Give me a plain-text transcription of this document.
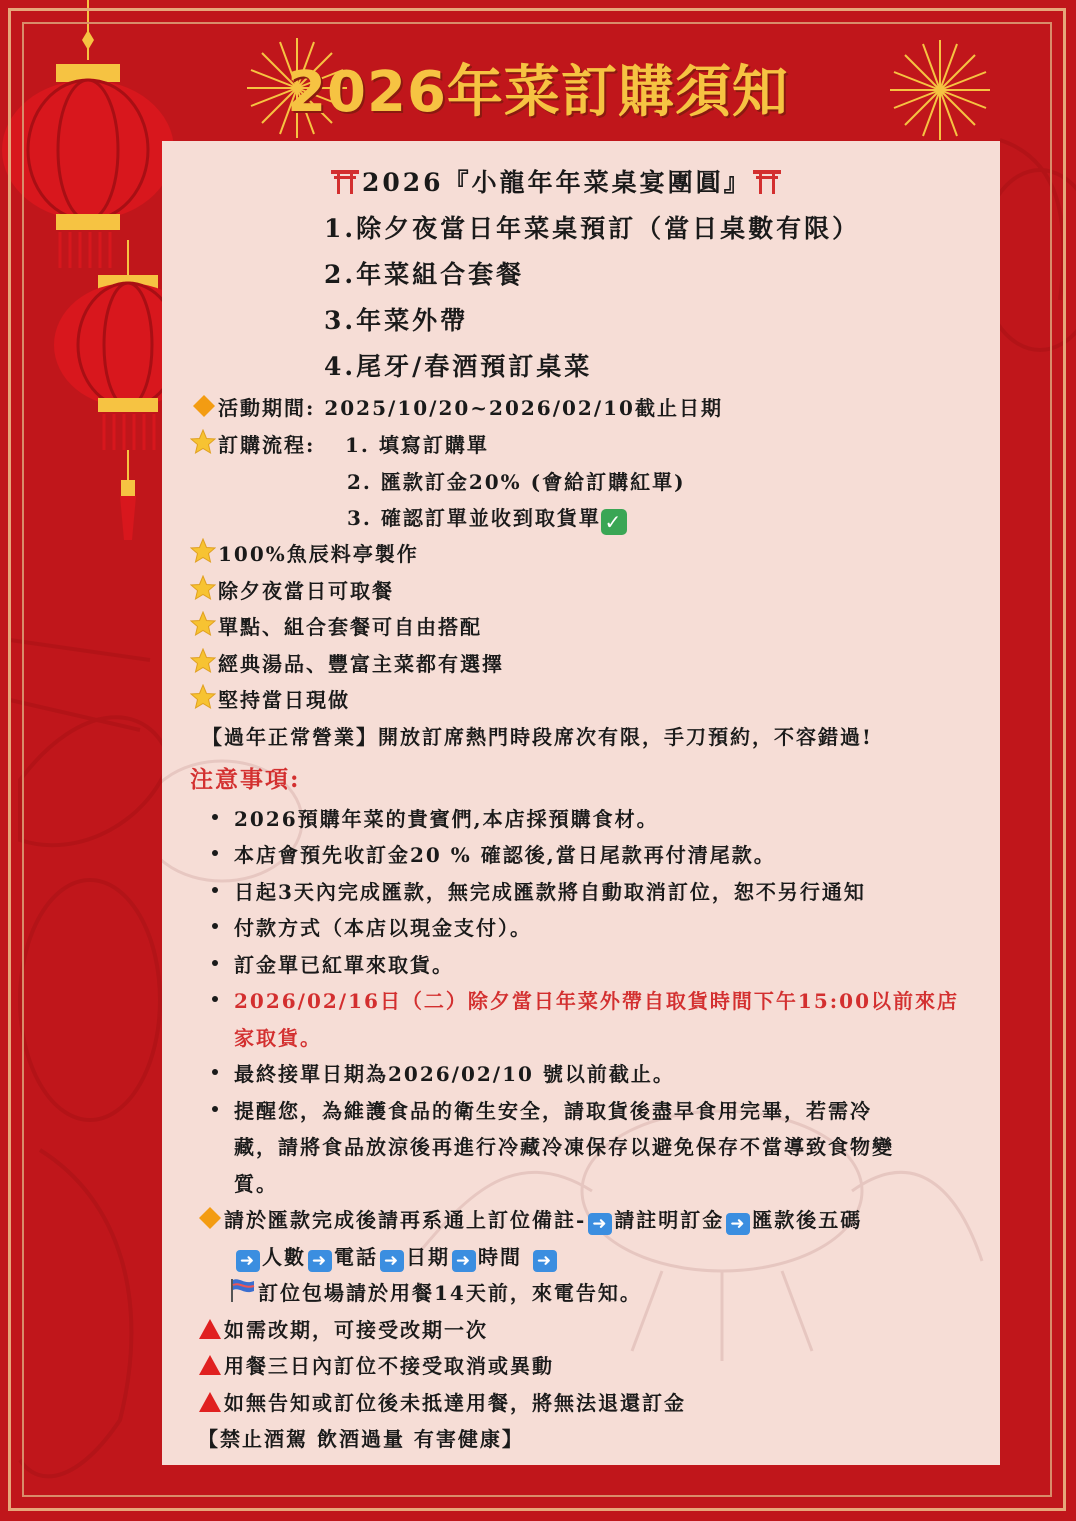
2026年菜訂購須知
2026『小龍年年菜桌宴團圓』
1.除夕夜當日年菜桌預訂（當日桌數有限）
2.年菜組合套餐
3.年菜外帶
4.尾牙/春酒預訂桌菜
活動期間: 2025/10/20~2026/02/10截止日期
訂購流程: 1. 填寫訂購單
2. 匯款訂金20% (會給訂購紅單)
3. 確認訂單並收到取貨單 ✓
100%魚辰料亭製作
除夕夜當日可取餐
單點、組合套餐可自由搭配
經典湯品、豐富主菜都有選擇
堅持當日現做
【過年正常營業】開放訂席熱門時段席次有限，手刀預約，不容錯過!
注意事項:
2026預購年菜的貴賓們,本店採預購食材。
本店會預先收訂金20 % 確認後,當日尾款再付清尾款。
日起3天內完成匯款，無完成匯款將自動取消訂位，恕不另行通知
付款方式（本店以現金支付）。
訂金單已紅單來取貨。
2026/02/16日（二）除夕當日年菜外帶自取貨時間下午15:00以前來店
家取貨。
最終接單日期為2026/02/10 號以前截止。
提醒您，為維護食品的衛生安全，請取貨後盡早食用完畢，若需冷
藏，請將食品放涼後再進行冷藏冷凍保存以避免保存不當導致食物變
質。
請於匯款完成後請再系通上訂位備註- ➜ 請註明訂金 ➜ 匯款後五碼
➜ 人數 ➜ 電話 ➜ 日期 ➜ 時間 ➜
訂位包場請於用餐14天前，來電告知。
如需改期，可接受改期一次
用餐三日內訂位不接受取消或異動
如無告知或訂位後未抵達用餐，將無法退還訂金
【禁止酒駕 飲酒過量 有害健康】
